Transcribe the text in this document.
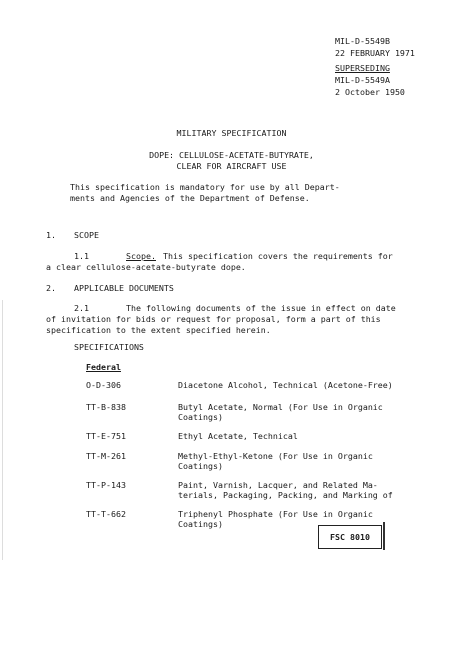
MIL-D-5549B
22 FEBRUARY 1971
SUPERSEDING
MIL-D-5549A
2 October 1950
MILITARY SPECIFICATION
DOPE: CELLULOSE-ACETATE-BUTYRATE,
CLEAR FOR AIRCRAFT USE
This specification is mandatory for use by all Depart-
ments and Agencies of the Department of Defense.
1. SCOPE
1.1	Scope. This specification covers the requirements for
a clear cellulose-acetate-butyrate dope.
2. APPLICABLE DOCUMENTS
2.1	The following documents of the issue in effect on date
of invitation for bids or request for proposal, form a part of this
specification to the extent specified herein.
SPECIFICATIONS
Federal
O-D-306	Diacetone Alcohol, Technical (Acetone-Free)
TT-B-838	Butyl Acetate, Normal (For Use in Organic
Coatings)
TT-E-751	Ethyl Acetate, Technical
TT-M-261	Methyl-Ethyl-Ketone (For Use in Organic
Coatings)
TT-P-143	Paint, Varnish, Lacquer, and Related Ma-
terials, Packaging, Packing, and Marking of
TT-T-662	Triphenyl Phosphate (For Use in Organic
Coatings)
FSC 8010
